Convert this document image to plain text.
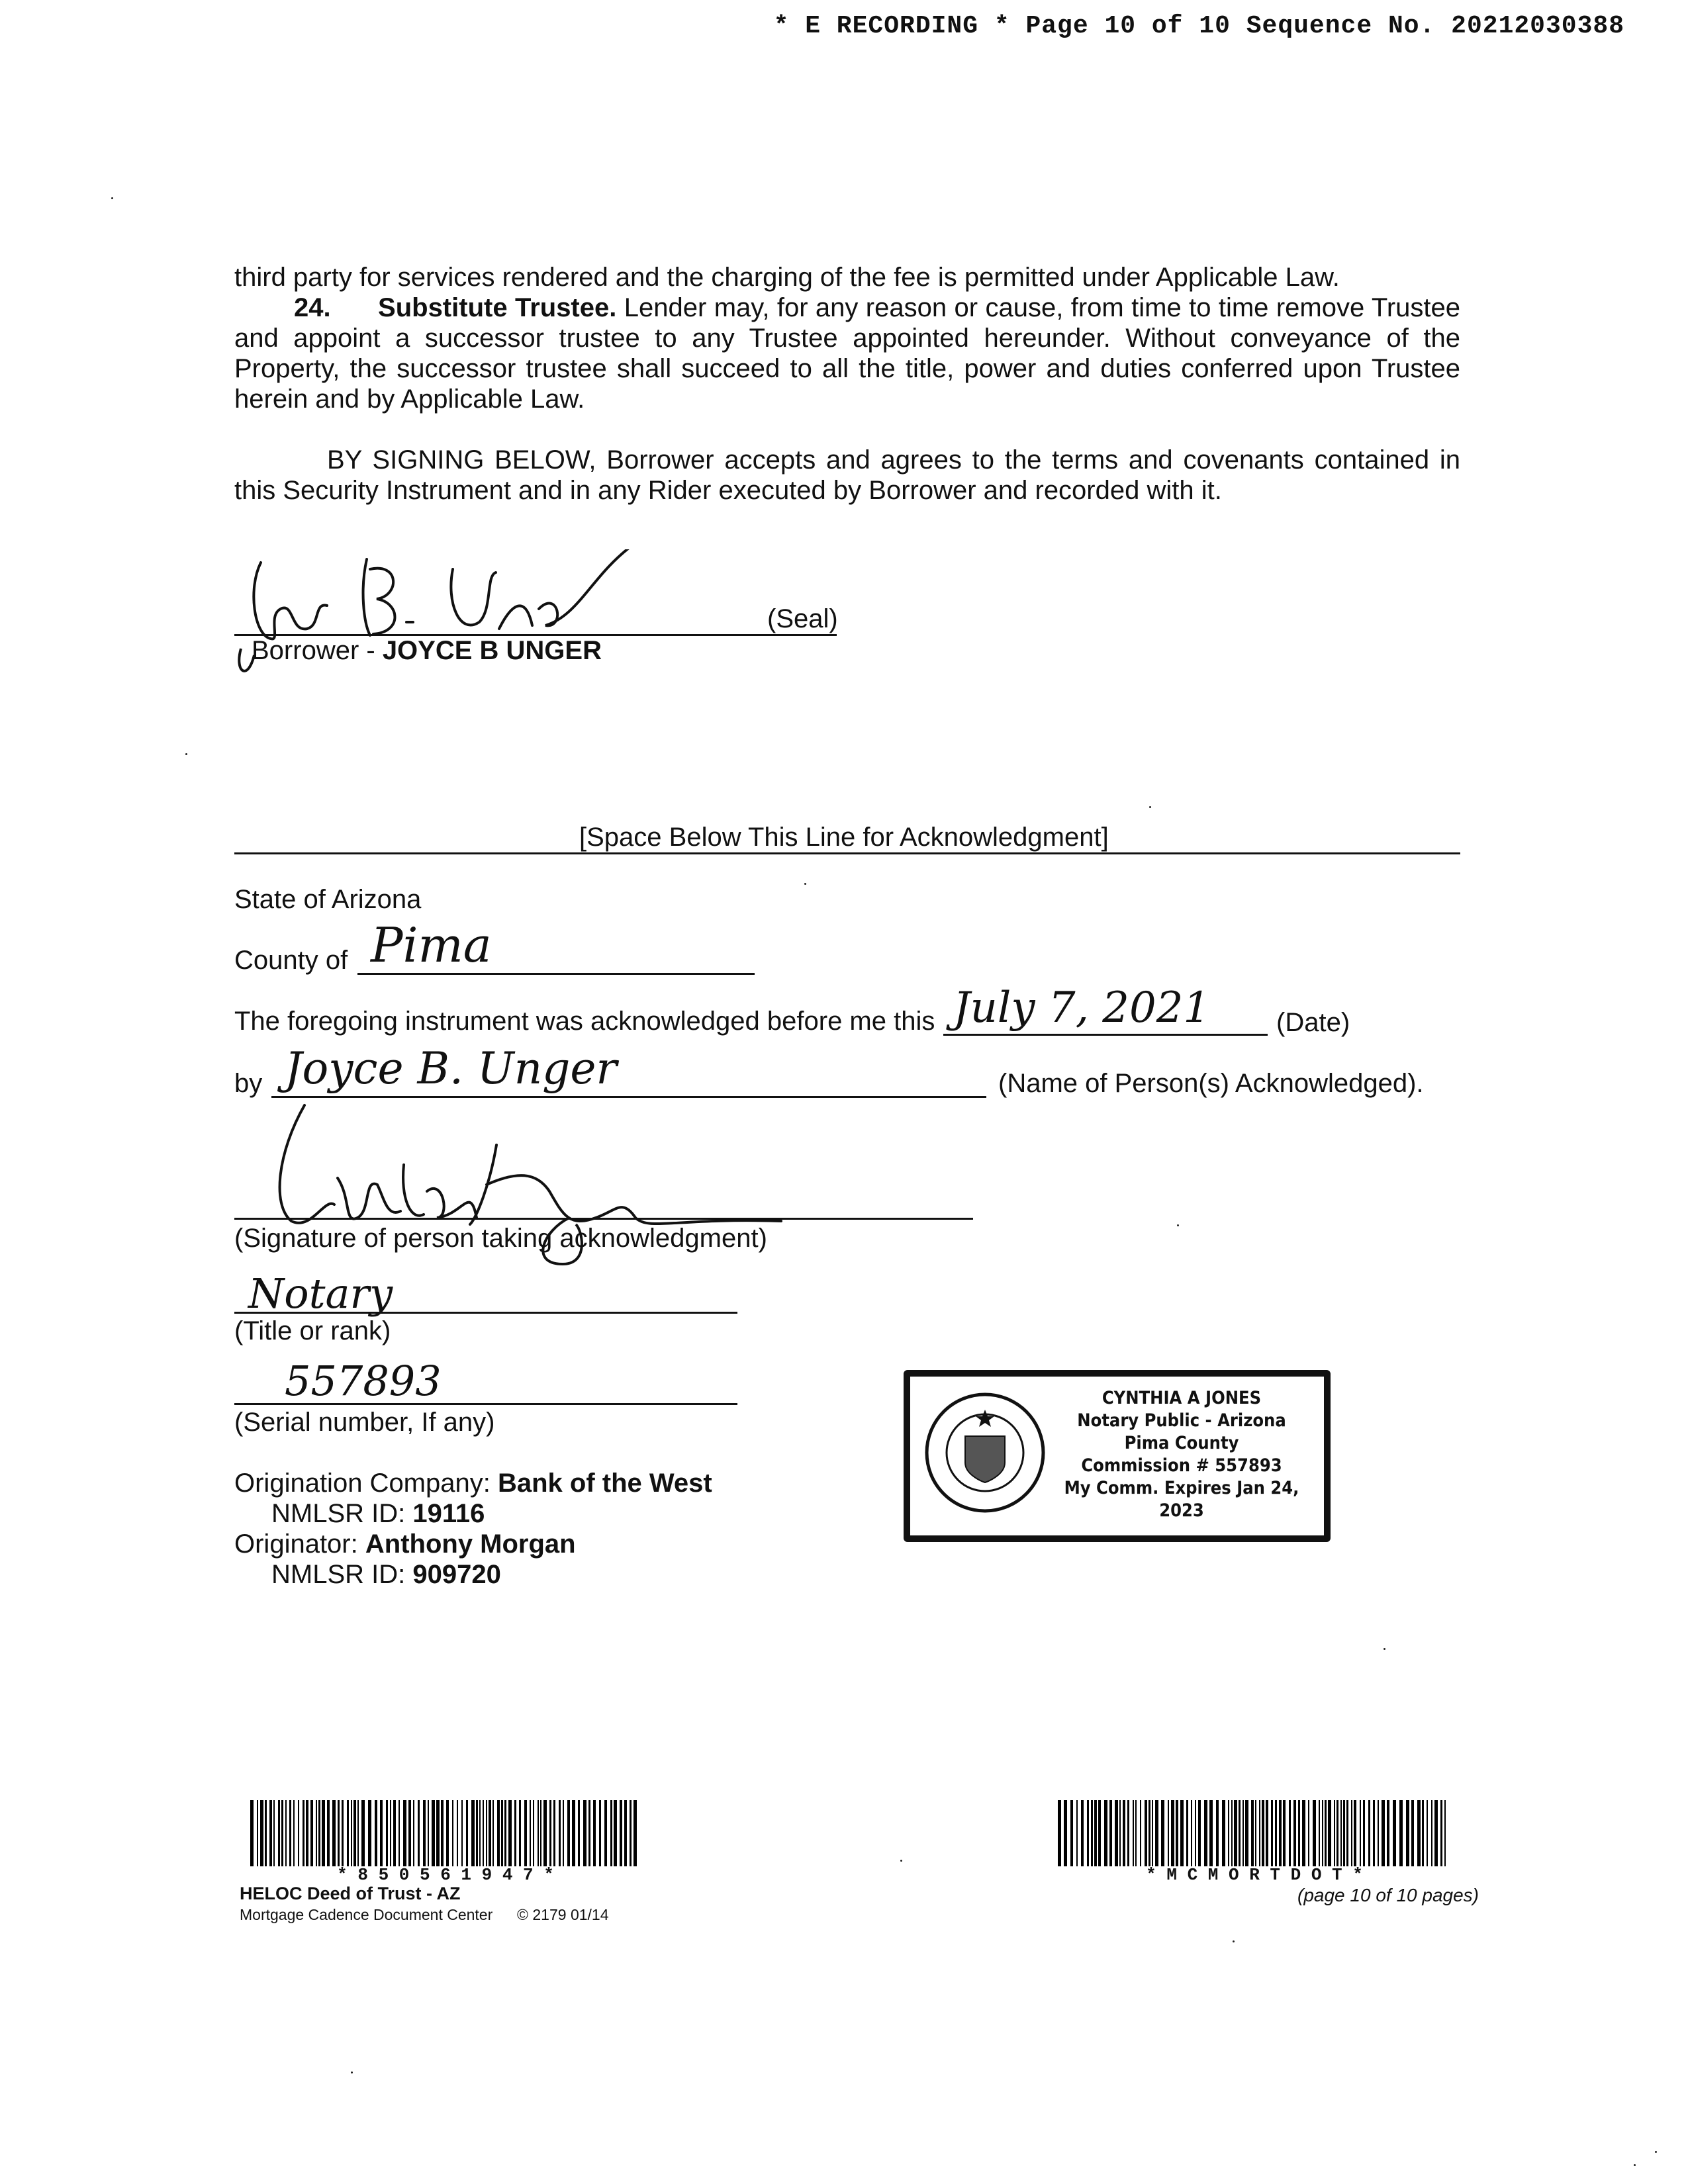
* E RECORDING * Page 10 of 10 Sequence No. 20212030388
third party for services rendered and the charging of the fee is permitted under Applicable Law.
24. Substitute Trustee. Lender may, for any reason or cause, from time to time remove Trustee and appoint a successor trustee to any Trustee appointed hereunder. Without conveyance of the Property, the successor trustee shall succeed to all the title, power and duties conferred upon Trustee herein and by Applicable Law.
BY SIGNING BELOW, Borrower accepts and agrees to the terms and covenants contained in this Security Instrument and in any Rider executed by Borrower and recorded with it.
(Seal)
Borrower - JOYCE B UNGER
[Space Below This Line for Acknowledgment]
State of Arizona
County of Pima
The foregoing instrument was acknowledged before me this July 7, 2021 (Date)
by Joyce B. Unger	(Name of Person(s) Acknowledged).
(Signature of person taking acknowledgment)
Notary
(Title or rank)
557893
(Serial number, If any)
Origination Company: Bank of the West
NMLSR ID: 19116
Originator: Anthony Morgan
NMLSR ID: 909720
CYNTHIA A JONES
Notary Public - Arizona
Pima County
Commission # 557893
My Comm. Expires Jan 24, 2023
* 8 5 0 5 6 1 9 4 7 *
HELOC Deed of Trust - AZ
Mortgage Cadence Document Center © 2179 01/14
* M C M O R T D O T *
(page 10 of 10 pages)
